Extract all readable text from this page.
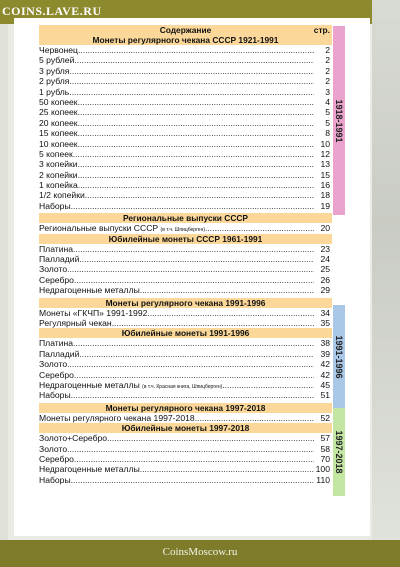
COINS.LAVE.RU
Содержание	стр.
Монеты регулярного чекана СССР 1921-1991
Червонец .....	2
5 рублей .....	2
3 рубля .....	2
2 рубля .....	2
1 рубль .....	3
50 копеек .....	4
25 копеек .....	5
20 копеек .....	5
15 копеек .....	8
10 копеек .....	10
5 копеек .....	12
3 копейки .....	13
2 копейки .....	15
1 копейка .....	16
1/2 копейки .....	18
Наборы .....	19
Региональные выпуски СССР
Региональные выпуски СССР (в т.ч. Шпицберген) .....	20
Юбилейные монеты СССР 1961-1991
Платина .....	23
Палладий .....	24
Золото .....	25
Серебро .....	26
Недрагоценные металлы .....	29
Монеты регулярного чекана 1991-1996
Монеты «ГКЧП» 1991-1992 .....	34
Регулярный чекан .....	35
Юбилейные монеты 1991-1996
Платина .....	38
Палладий .....	39
Золото .....	42
Серебро .....	42
Недрагоценные металлы (в т.ч. Красная книга, Шпицберген) .....	45
Наборы .....	51
Монеты регулярного чекана 1997-2018
Монеты регулярного чекана 1997-2018 .....	52
Юбилейные монеты 1997-2018
Золото+Серебро .....	57
Золото .....	58
Серебро .....	70
Недрагоценные металлы .....	100
Наборы .....	110
1918-1991
1991-1996
1997-2018
CoinsMoscow.ru
